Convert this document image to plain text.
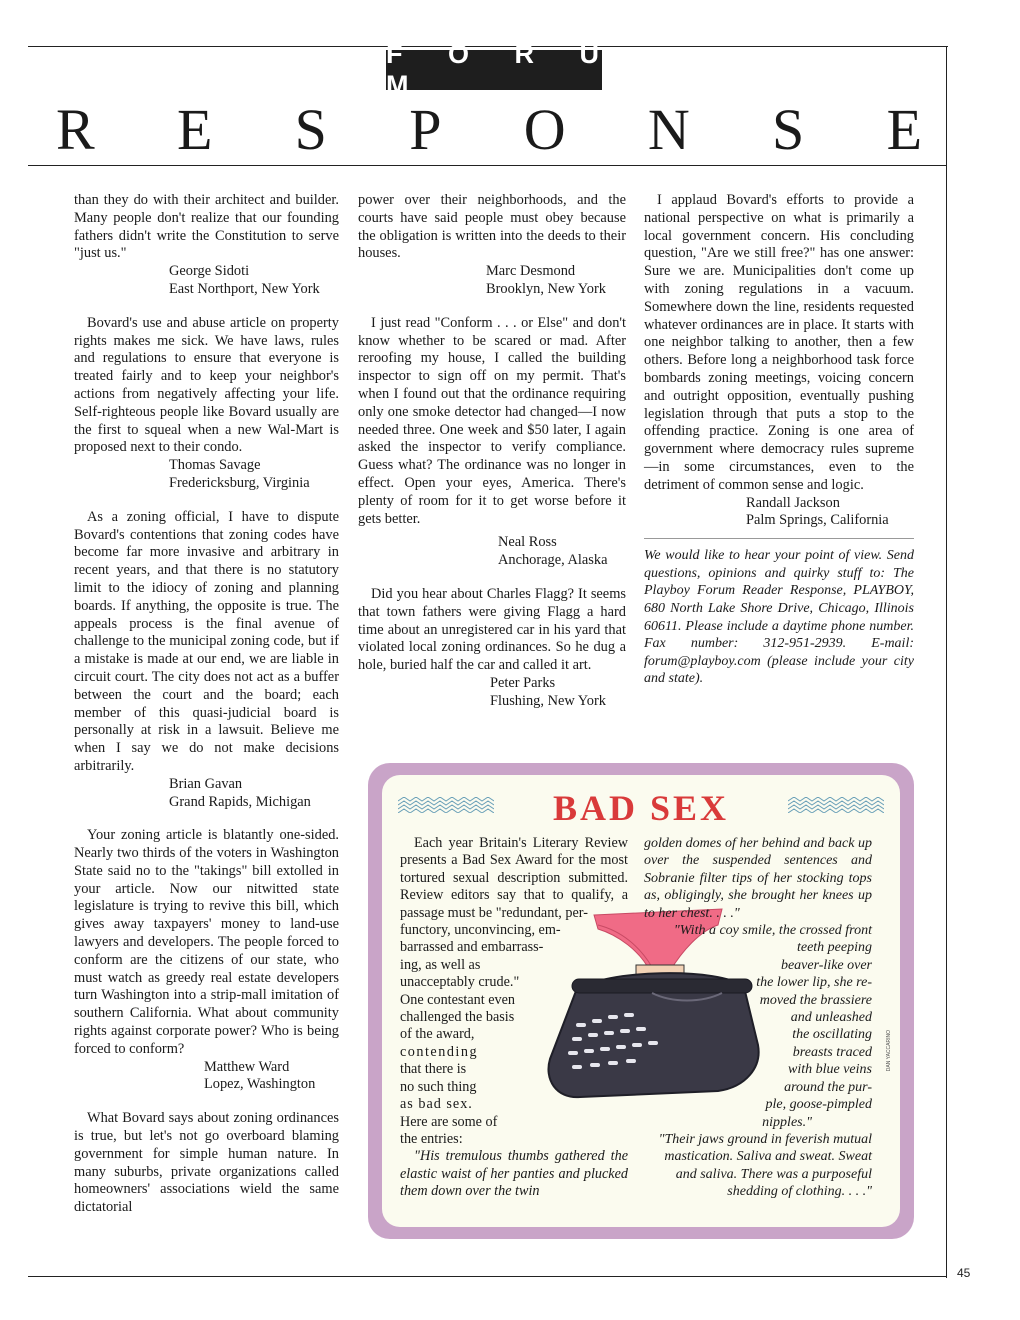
F O R U M
R E S P O N S E

than they do with their architect and builder. Many people don't realize that our founding fathers didn't write the Constitution to serve "just us."

George Sidoti
East Northport, New York

Bovard's use and abuse article on property rights makes me sick. We have laws, rules and regulations to ensure that everyone is treated fairly and to keep your neighbor's actions from negatively affecting your life. Self-righteous people like Bovard usually are the first to squeal when a new Wal-Mart is proposed next to their condo.

Thomas Savage
Fredericksburg, Virginia

As a zoning official, I have to dispute Bovard's contentions that zoning codes have become far more invasive and arbitrary in recent years, and that there is no statutory limit to the idiocy of zoning and planning boards. If anything, the opposite is true. The appeals process is the final avenue of challenge to the municipal zoning code, but if a mistake is made at our end, we are liable in circuit court. The city does not act as a buffer between the court and the board; each member of this quasi-judicial board is personally at risk in a lawsuit. Believe me when I say we do not make decisions arbitrarily.

Brian Gavan
Grand Rapids, Michigan

Your zoning article is blatantly one-sided. Nearly two thirds of the voters in Washington State said no to the "takings" bill extolled in your article. Now our nitwitted state legislature is trying to revive this bill, which gives away taxpayers' money to land-use lawyers and developers. The people forced to conform are the citizens of our state, who must watch as greedy real estate developers turn Washington into a strip-mall imitation of southern California. What about community rights against corporate power? Who is being forced to conform?

Matthew Ward
Lopez, Washington

What Bovard says about zoning ordinances is true, but let's not go overboard blaming government for simple human nature. In many suburbs, private organizations called homeowners' associations wield the same dictatorial

power over their neighborhoods, and the courts have said people must obey because the obligation is written into the deeds to their houses.

Marc Desmond
Brooklyn, New York

I just read "Conform . . . or Else" and don't know whether to be scared or mad. After reroofing my house, I called the building inspector to sign off on my permit. That's when I found out that the ordinance requiring only one smoke detector had changed—I now needed three. One week and $50 later, I again asked the inspector to verify compliance. Guess what? The ordinance was no longer in effect. Open your eyes, America. There's plenty of room for it to get worse before it gets better.

Neal Ross
Anchorage, Alaska

Did you hear about Charles Flagg? It seems that town fathers were giving Flagg a hard time about an unregistered car in his yard that violated local zoning ordinances. So he dug a hole, buried half the car and called it art.

Peter Parks
Flushing, New York

I applaud Bovard's efforts to provide a national perspective on what is primarily a local government concern. His concluding question, "Are we still free?" has one answer: Sure we are. Municipalities don't come up with zoning regulations in a vacuum. Somewhere down the line, residents requested whatever ordinances are in place. It starts with one neighbor talking to another, then a few others. Before long a neighborhood task force bombards zoning meetings, voicing concern and outright opposition, eventually pushing legislation through that puts a stop to the offending practice. Zoning is one area of government where democracy rules supreme—in some circumstances, even to the detriment of common sense and logic.

Randall Jackson
Palm Springs, California

We would like to hear your point of view. Send questions, opinions and quirky stuff to: The Playboy Forum Reader Response, PLAYBOY, 680 North Lake Shore Drive, Chicago, Illinois 60611. Please include a daytime phone number. Fax number: 312-951-2939. E-mail: forum@playboy.com (please include your city and state).

BAD SEX

Each year Britain's Literary Review presents a Bad Sex Award for the most tortured sexual description submitted. Review editors say that to qualify, a passage must be "redundant, per-

functory, unconvincing, em-

barrassed and embarrass-

ing, as well as

unacceptably crude."

One contestant even

challenged the basis

of the award,

contending

that there is

no such thing

as bad sex.

Here are some of

the entries:

"His tremulous thumbs gathered the elastic waist of her panties and plucked them down over the twin

golden domes of her behind and back up over the suspended sentences and Sobranie filter tips of her stocking tops as, obligingly, she brought her knees up to her chest. . . ."

"With a coy smile, the crossed front

teeth peeping

beaver-like over

the lower lip, she re-

moved the brassiere

and unleashed

the oscillating

breasts traced

with blue veins

around the pur-

ple, goose-pimpled

nipples."

"Their jaws ground in feverish mutual mastication. Saliva and sweat. Sweat and saliva. There was a purposeful shedding of clothing. . . ."

DAN YACCARINO
45
